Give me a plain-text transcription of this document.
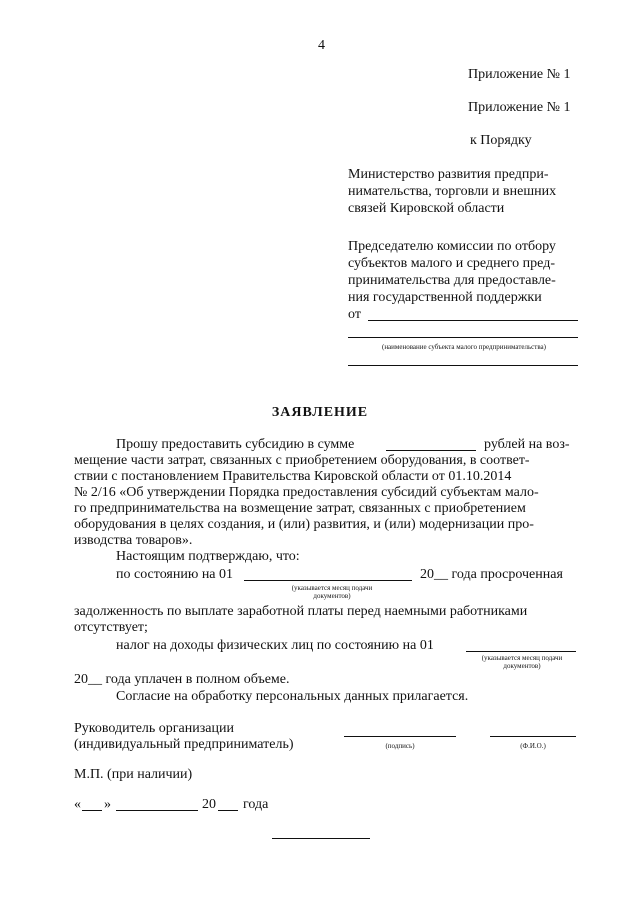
4
Приложение № 1
Приложение № 1
к Порядку
Министерство развития предпри-
нимательства, торговли и внешних
связей Кировской области
Председателю комиссии по отбору
субъектов малого и среднего пред-
принимательства для предоставле-
ния государственной поддержки
от
(наименование субъекта малого предпринимательства)
ЗАЯВЛЕНИЕ
Прошу предоставить субсидию в сумме	рублей на воз-
мещение части затрат, связанных с приобретением оборудования, в соответ-
ствии с постановлением Правительства Кировской области от 01.10.2014
№ 2/16 «Об утверждении Порядка предоставления субсидий субъектам мало-
го предпринимательства на возмещение затрат, связанных с приобретением
оборудования в целях создания, и (или) развития, и (или) модернизации про-
изводства товаров».
Настоящим подтверждаю, что:
по состоянию на 01	20__ года просроченная
(указывается месяц подачи
документов)
задолженность по выплате заработной платы перед наемными работниками
отсутствует;
налог на доходы физических лиц по состоянию на 01
(указывается месяц подачи
документов)
20__ года уплачен в полном объеме.
Согласие на обработку персональных данных прилагается.
Руководитель организации
(индивидуальный предприниматель)	(подпись)	(Ф.И.О.)
М.П. (при наличии)
« »	20 года
